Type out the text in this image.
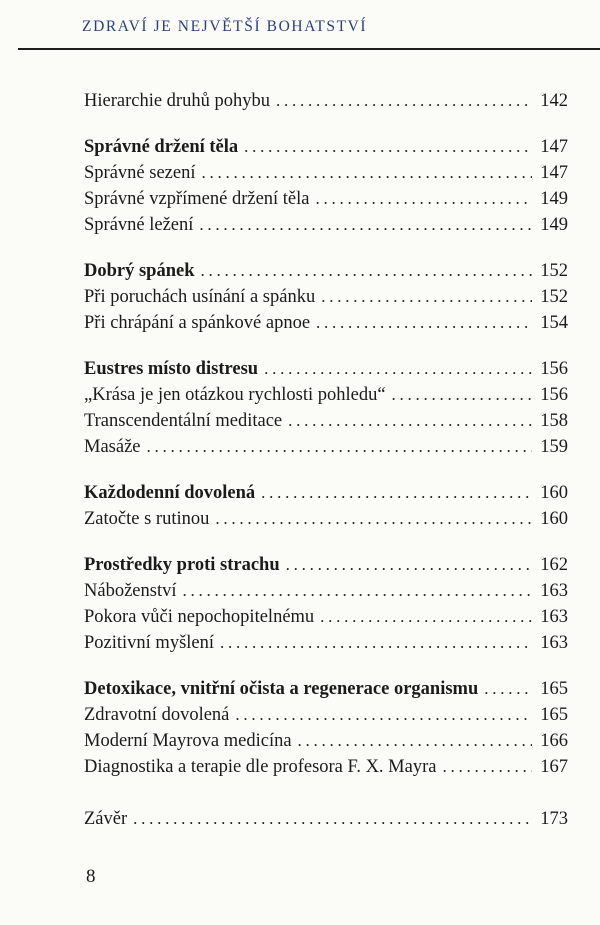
ZDRAVÍ JE NEJVĚTŠÍ BOHATSTVÍ
Hierarchie druhů pohybu . . .	142
Správné držení těla . . .	147
Správné sezení . . .	147
Správné vzpřímené držení těla . . .	149
Správné ležení . . .	149
Dobrý spánek . . .	152
Při poruchách usínání a spánku . . .	152
Při chrápání a spánkové apnoe . . .	154
Eustres místo distresu . . .	156
„Krása je jen otázkou rychlosti pohledu“ . . .	156
Transcendentální meditace . . .	158
Masáže . . .	159
Každodenní dovolená . . .	160
Zatočte s rutinou . . .	160
Prostředky proti strachu . . .	162
Náboženství . . .	163
Pokora vůči nepochopitelnému . . .	163
Pozitivní myšlení . . .	163
Detoxikace, vnitřní očista a regenerace organismu . . .	165
Zdravotní dovolená . . .	165
Moderní Mayrova medicína . . .	166
Diagnostika a terapie dle profesora F. X. Mayra . . .	167
Závěr . . .	173
8
